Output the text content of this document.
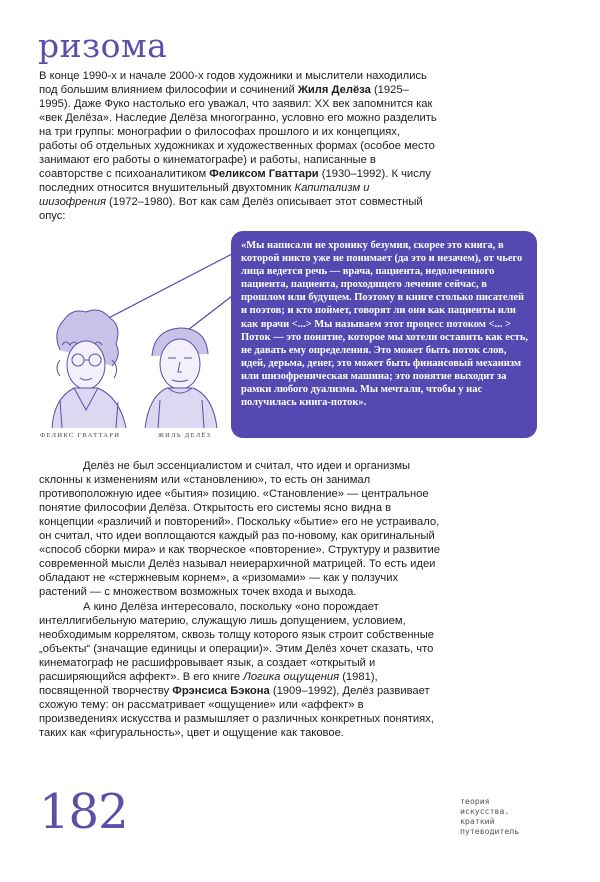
ризома

В конце 1990-х и начале 2000-х годов художники и мыслители находились под большим влиянием философии и сочинений Жиля Делёза (1925–1995). Даже Фуко настолько его уважал, что заявил: XX век запомнится как «век Делёза». Наследие Делёза многогранно, условно его можно разделить на три группы: монографии о философах прошлого и их концепциях, работы об отдельных художниках и художественных формах (особое место занимают его работы о кинематографе) и работы, написанные в соавторстве с психоаналитиком Феликсом Гваттари (1930–1992). К числу последних относится внушительный двухтомник Капитализм и шизофрения (1972–1980). Вот как сам Делёз описывает этот совместный опус:

«Мы написали не хронику безумия, скорее это книга, в которой никто уже не понимает (да это и незачем), от чьего лица ведется речь — врача, пациента, недолеченного пациента, пациента, проходящего лечение сейчас, в прошлом или будущем. Поэтому в книге столько писателей и поэтов; и кто поймет, говорят ли они как пациенты или как врачи <...> Мы называем этот процесс потоком <... > Поток — это понятие, которое мы хотели оставить как есть, не давать ему определения. Это может быть поток слов, идей, дерьма, денег, это может быть финансовый механизм или шизофреническая машина; это понятие выходит за рамки любого дуализма. Мы мечтали, чтобы у нас получилась книга-поток».

ФЕЛИКС ГВАТТАРИ	ЖИЛЬ ДЕЛЁЗ

Делёз не был эссенциалистом и считал, что идеи и организмы склонны к изменениям или «становлению», то есть он занимал противоположную идее «бытия» позицию. «Становление» — центральное понятие философии Делёза. Открытость его системы ясно видна в концепции «различий и повторений». Поскольку «бытие» его не устраивало, он считал, что идеи воплощаются каждый раз по-новому, как оригинальный «способ сборки мира» и как творческое «повторение». Структуру и развитие современной мысли Делёз называл неиерархичной матрицей. То есть идеи обладают не «стержневым корнем», а «ризомами» — как у ползучих растений — с множеством возможных точек входа и выхода.

А кино Делёза интересовало, поскольку «оно порождает интеллигибельную материю, служащую лишь допущением, условием, необходимым коррелятом, сквозь толщу которого язык строит собственные „объекты“ (значащие единицы и операции)». Этим Делёз хочет сказать, что кинематограф не расшифровывает язык, а создает «открытый и расширяющийся аффект». В его книге Логика ощущения (1981), посвященной творчеству Фрэнсиса Бэкона (1909–1992), Делёз развивает схожую тему: он рассматривает «ощущение» или «аффект» в произведениях искусства и размышляет о различных конкретных понятиях, таких как «фигуральность», цвет и ощущение как таковое.

182	теория
искусства.
краткий
путеводитель
